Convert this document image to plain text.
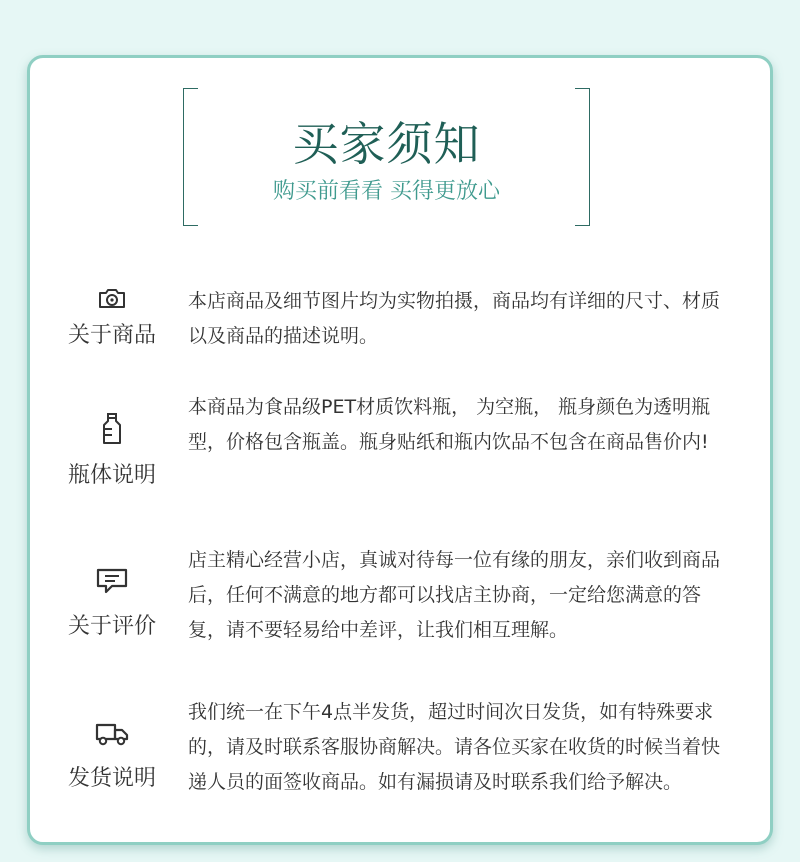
买家须知
购买前看看 买得更放心
关于商品
本店商品及细节图片均为实物拍摄，商品均有详细的尺寸、材质以及商品的描述说明。
瓶体说明
本商品为食品级PET材质饮料瓶， 为空瓶， 瓶身颜色为透明瓶型，价格包含瓶盖。瓶身贴纸和瓶内饮品不包含在商品售价内!
关于评价
店主精心经营小店，真诚对待每一位有缘的朋友，亲们收到商品后，任何不满意的地方都可以找店主协商，一定给您满意的答复，请不要轻易给中差评，让我们相互理解。
发货说明
我们统一在下午4点半发货，超过时间次日发货，如有特殊要求的，请及时联系客服协商解决。请各位买家在收货的时候当着快递人员的面签收商品。如有漏损请及时联系我们给予解决。
